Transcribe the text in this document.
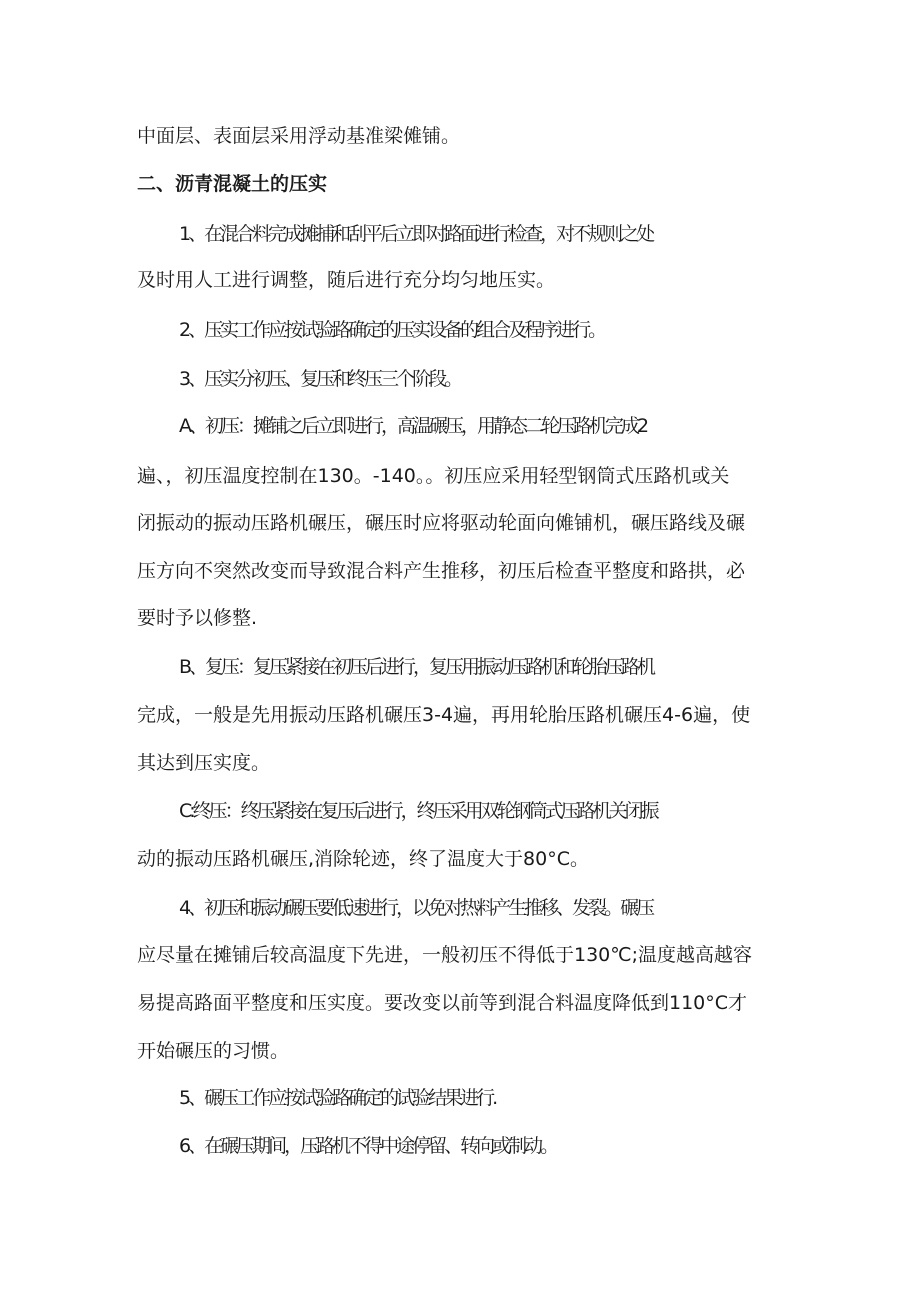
中面层、表面层采用浮动基准梁傩铺。
二、沥青混凝土的压实
1、在混合料完成摊捕和刮平后立即对路面进行检查，对不规则之处
及时用人工进行调整，随后进行充分均匀地压实。
2、压实工作应按试验路确定的压实设备的组合及程序进行。
3、压实分初压、复压和终压三个阶段。
A、初压：摊铺之后立即进行，高温碾压，用静态二轮压路机完成2
遍、，初压温度控制在130。-140。。初压应采用轻型钢筒式压路机或关
闭振动的振动压路机碾压，碾压时应将驱动轮面向傩铺机，碾压路线及碾
压方向不突然改变而导致混合料产生推移，初压后检查平整度和路拱，必
要时予以修整.
B、复压：复压紧接在初压后进行，复压用振动压路机和轮胎压路机
完成，一般是先用振动压路机碾压3-4遍，再用轮胎压路机碾压4-6遍，使
其达到压实度。
C:终压：终压紧接在复压后进行，终压采用双轮钢筒式压路机关闭振
动的振动压路机碾压,消除轮迹，终了温度大于80°C。
4、初压和振动碾压要低速进行，以免对热料产生推移、发裂。碾压
应尽量在摊铺后较高温度下先进，一般初压不得低于130℃;温度越高越容
易提高路面平整度和压实度。要改变以前等到混合料温度降低到110°C才
开始碾压的习惯。
5、碾压工作应按试验路确定的试验结果进行.
6、在碾压期间，压路机不得中途停留、转向或制动。
